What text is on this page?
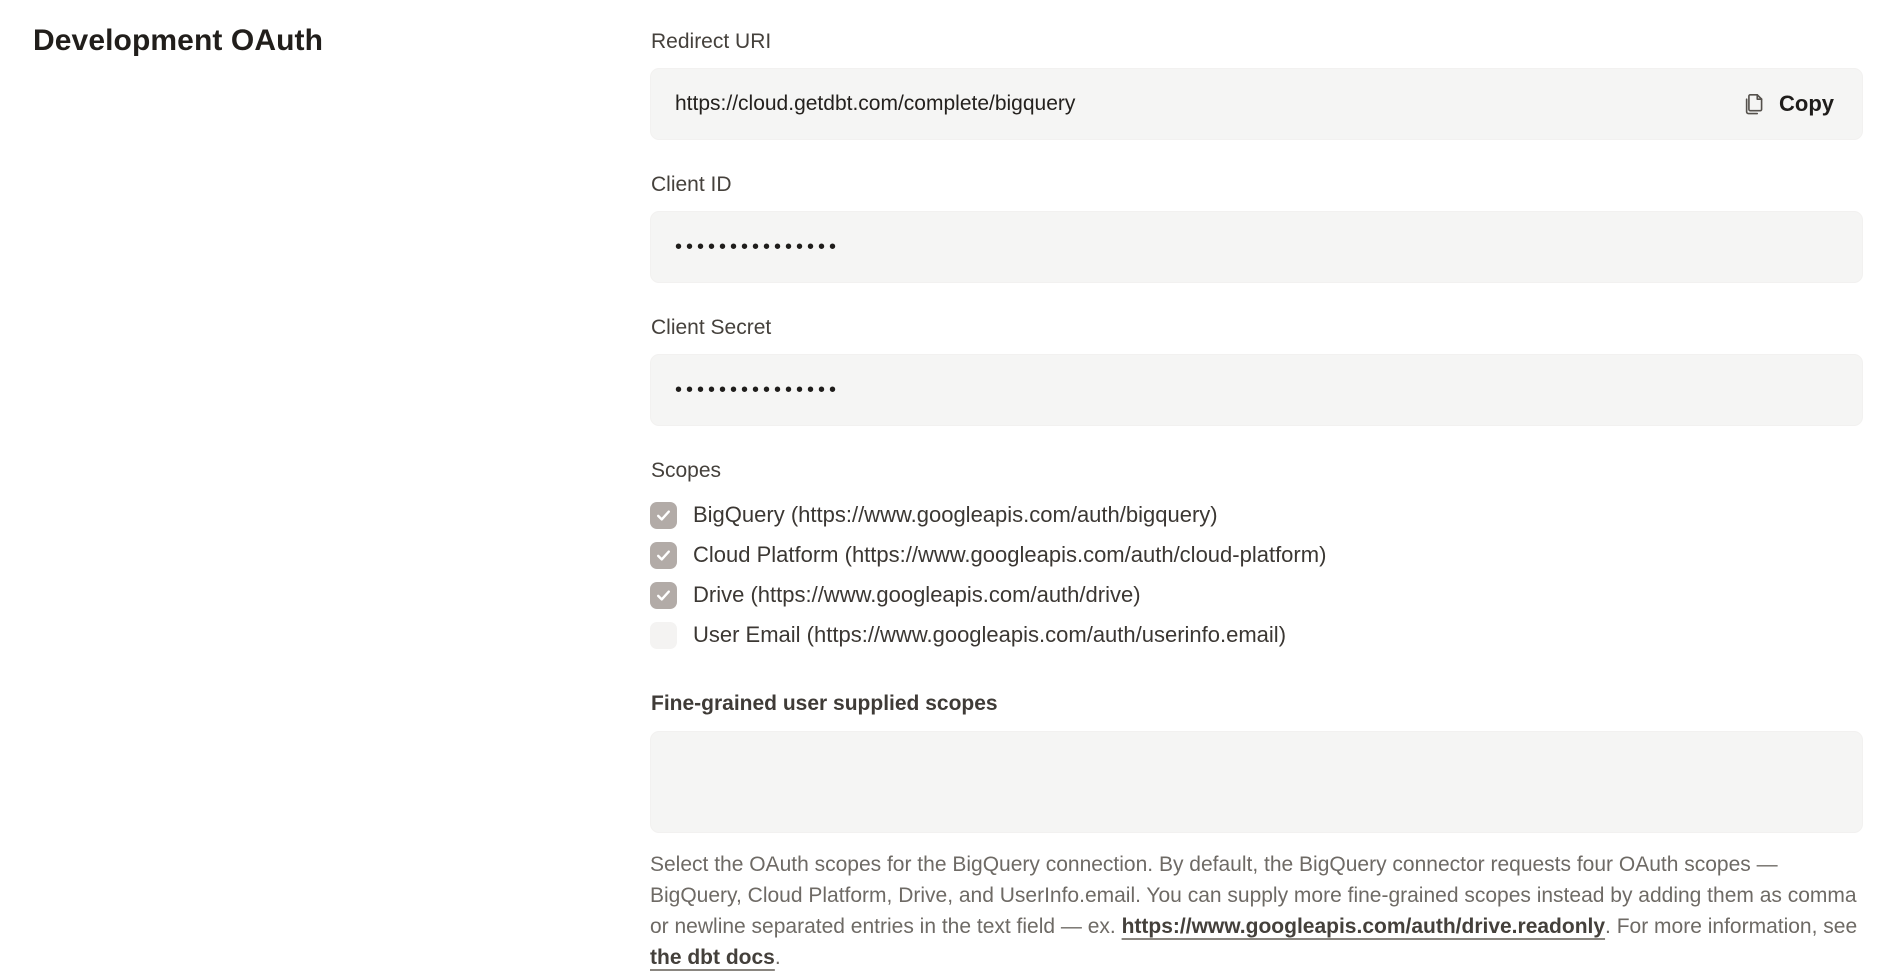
Development OAuth	Redirect URI
https://cloud.getdbt.com/complete/bigquery	Copy
Client ID
•••••••••••••••
Client Secret
•••••••••••••••
Scopes
BigQuery (https://www.googleapis.com/auth/bigquery)
Cloud Platform (https://www.googleapis.com/auth/cloud-platform)
Drive (https://www.googleapis.com/auth/drive)
User Email (https://www.googleapis.com/auth/userinfo.email)
Fine-grained user supplied scopes

Select the OAuth scopes for the BigQuery connection. By default, the BigQuery connector requests four OAuth scopes — BigQuery, Cloud Platform, Drive, and UserInfo.email. You can supply more fine-grained scopes instead by adding them as comma or newline separated entries in the text field — ex. https://www.googleapis.com/auth/drive.readonly. For more information, see the dbt docs.
